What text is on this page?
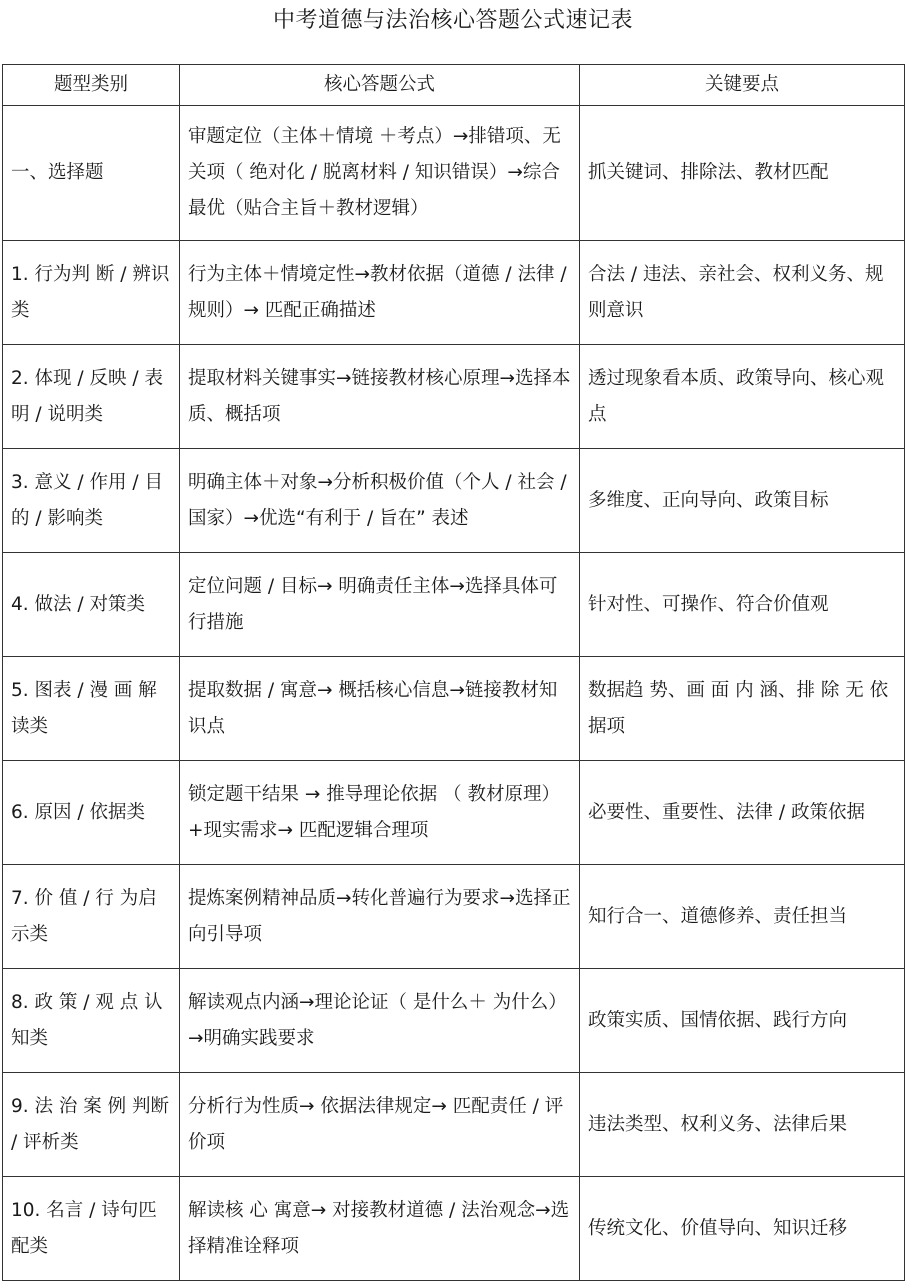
中考道德与法治核心答题公式速记表
题型类别	核心答题公式	关键要点
一、选择题	审题定位（主体＋情境 ＋考点）→排错项、无关项（ 绝对化 / 脱离材料 / 知识错误）→综合最优（贴合主旨＋教材逻辑）	抓关键词、排除法、教材匹配
1. 行为判 断 / 辨识类	行为主体＋情境定性→教材依据（道德 / 法律 / 规则）→ 匹配正确描述	合法 / 违法、亲社会、权利义务、规则意识
2. 体现 / 反映 / 表明 / 说明类	提取材料关键事实→链接教材核心原理→选择本质、概括项	透过现象看本质、政策导向、核心观点
3. 意义 / 作用 / 目的 / 影响类	明确主体＋对象→分析积极价值（个人 / 社会 / 国家）→优选“有利于 / 旨在” 表述	多维度、正向导向、政策目标
4. 做法 / 对策类	定位问题 / 目标→ 明确责任主体→选择具体可行措施	针对性、可操作、符合价值观
5. 图表 / 漫 画 解读类	提取数据 / 寓意→ 概括核心信息→链接教材知识点	数据趋 势、画 面 内 涵、排 除 无 依据项
6. 原因 / 依据类	锁定题干结果 → 推导理论依据 （ 教材原理）+现实需求→ 匹配逻辑合理项	必要性、重要性、法律 / 政策依据
7. 价 值 / 行 为启示类	提炼案例精神品质→转化普遍行为要求→选择正向引导项	知行合一、道德修养、责任担当
8. 政 策 / 观 点 认知类	解读观点内涵→理论论证（ 是什么＋ 为什么）→明确实践要求	政策实质、国情依据、践行方向
9. 法 治 案 例 判断 / 评析类	分析行为性质→ 依据法律规定→ 匹配责任 / 评价项	违法类型、权利义务、法律后果
10. 名言 / 诗句匹配类	解读核 心 寓意→ 对接教材道德 / 法治观念→选择精准诠释项	传统文化、价值导向、知识迁移
